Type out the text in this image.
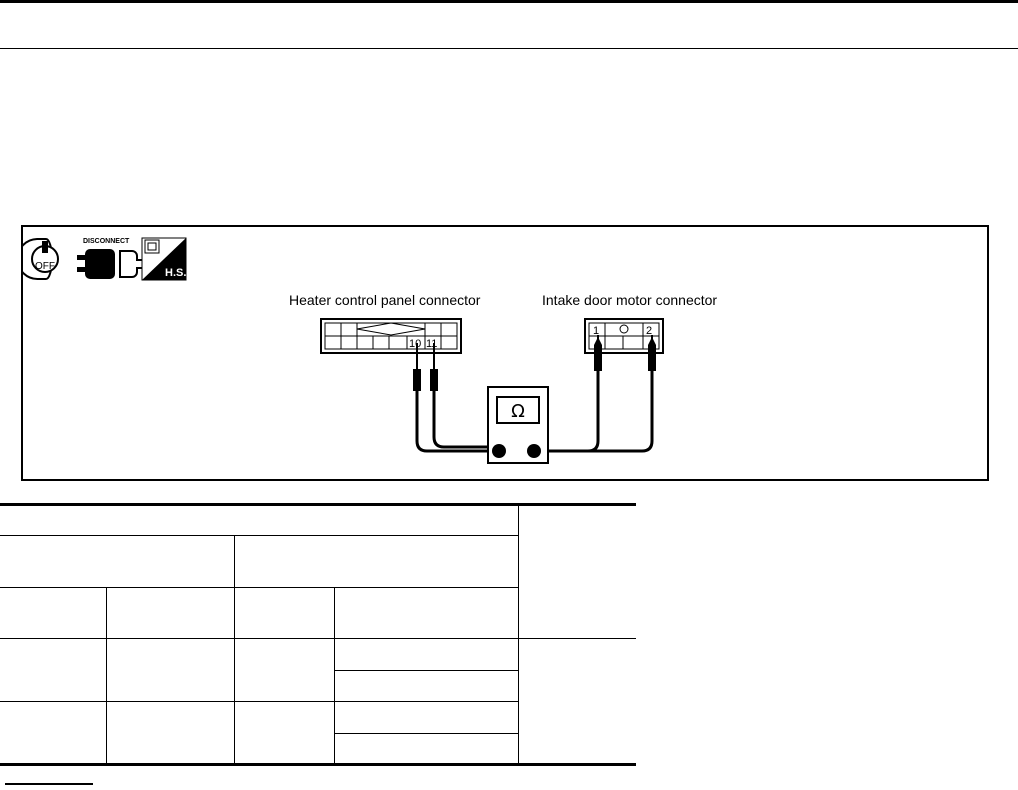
OFF
DISCONNECT
H.S.
10 11
1	2
Ω
Heater control panel connector	Intake door motor connector
